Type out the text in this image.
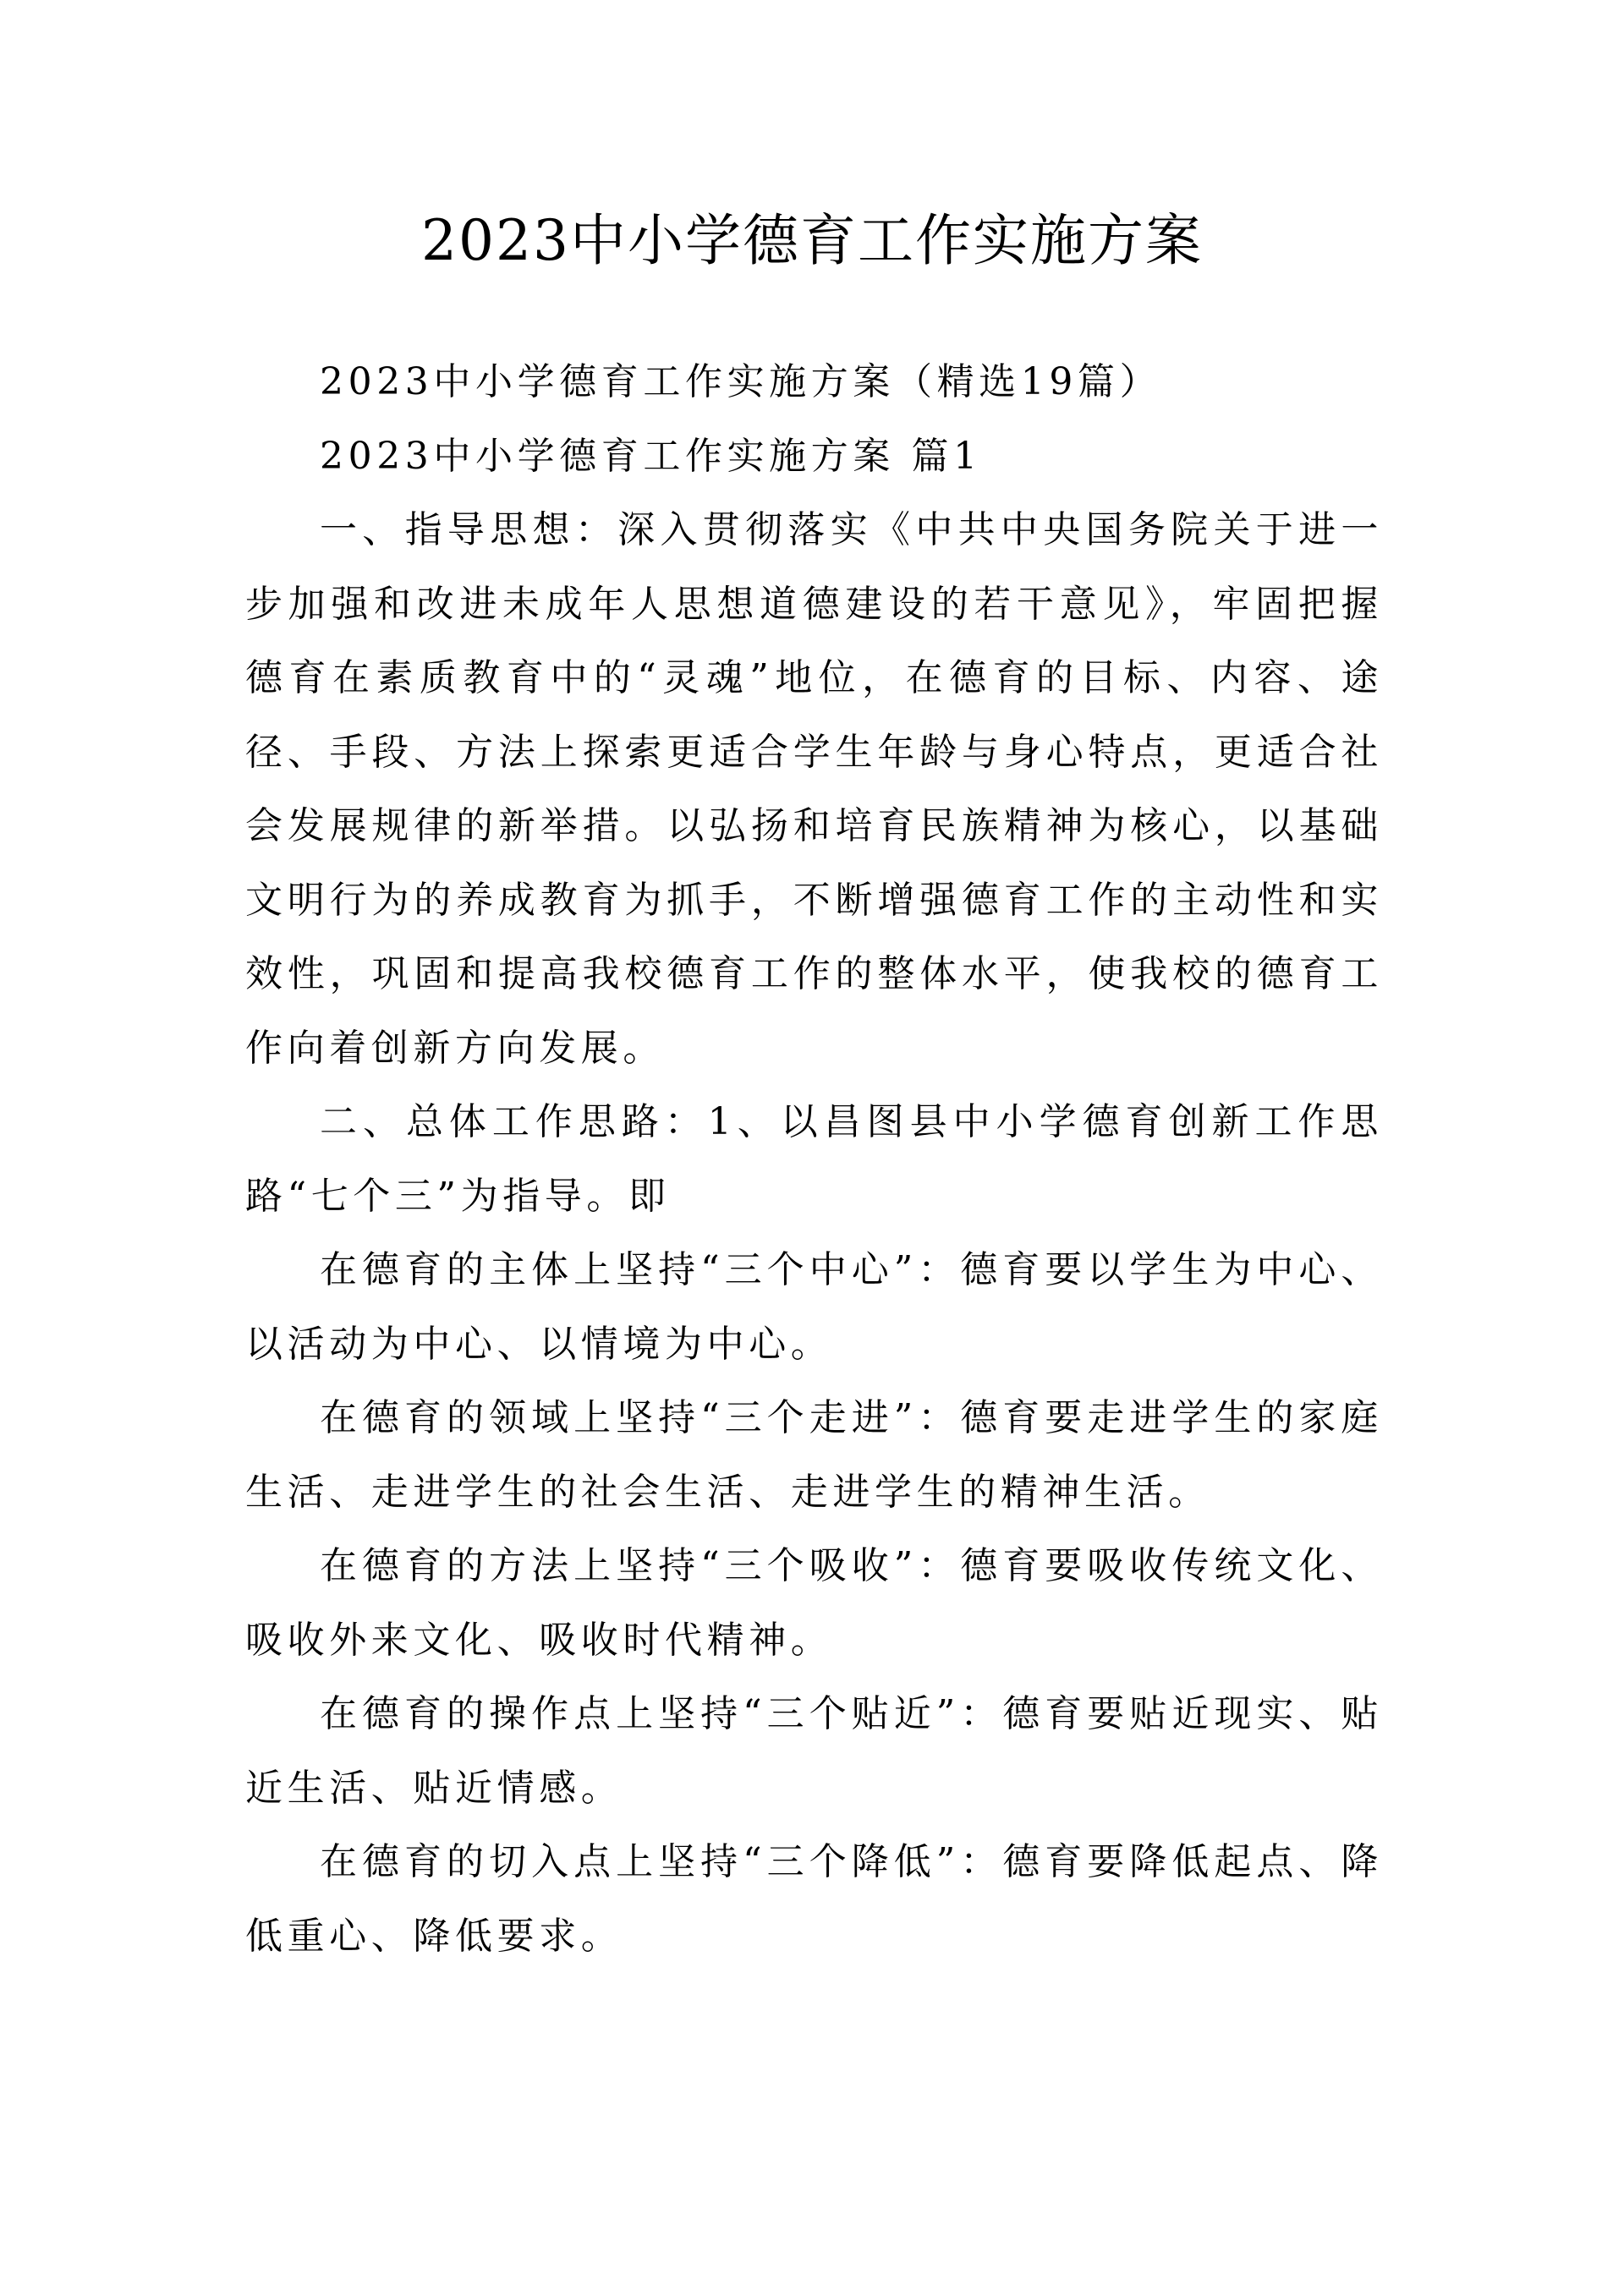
2023中小学德育工作实施方案

2023中小学德育工作实施方案（精选19篇）

2023中小学德育工作实施方案 篇1

一、指导思想：深入贯彻落实《中共中央国务院关于进一步加强和改进未成年人思想道德建设的若干意见》，牢固把握德育在素质教育中的“灵魂”地位，在德育的目标、内容、途径、手段、方法上探索更适合学生年龄与身心特点，更适合社会发展规律的新举措。以弘扬和培育民族精神为核心，以基础文明行为的养成教育为抓手，不断增强德育工作的主动性和实效性，巩固和提高我校德育工作的整体水平，使我校的德育工作向着创新方向发展。

二、总体工作思路：1、以昌图县中小学德育创新工作思路“七个三”为指导。即

在德育的主体上坚持“三个中心”：德育要以学生为中心、以活动为中心、以情境为中心。

在德育的领域上坚持“三个走进”：德育要走进学生的家庭生活、走进学生的社会生活、走进学生的精神生活。

在德育的方法上坚持“三个吸收”：德育要吸收传统文化、吸收外来文化、吸收时代精神。

在德育的操作点上坚持“三个贴近”：德育要贴近现实、贴近生活、贴近情感。

在德育的切入点上坚持“三个降低”：德育要降低起点、降低重心、降低要求。
